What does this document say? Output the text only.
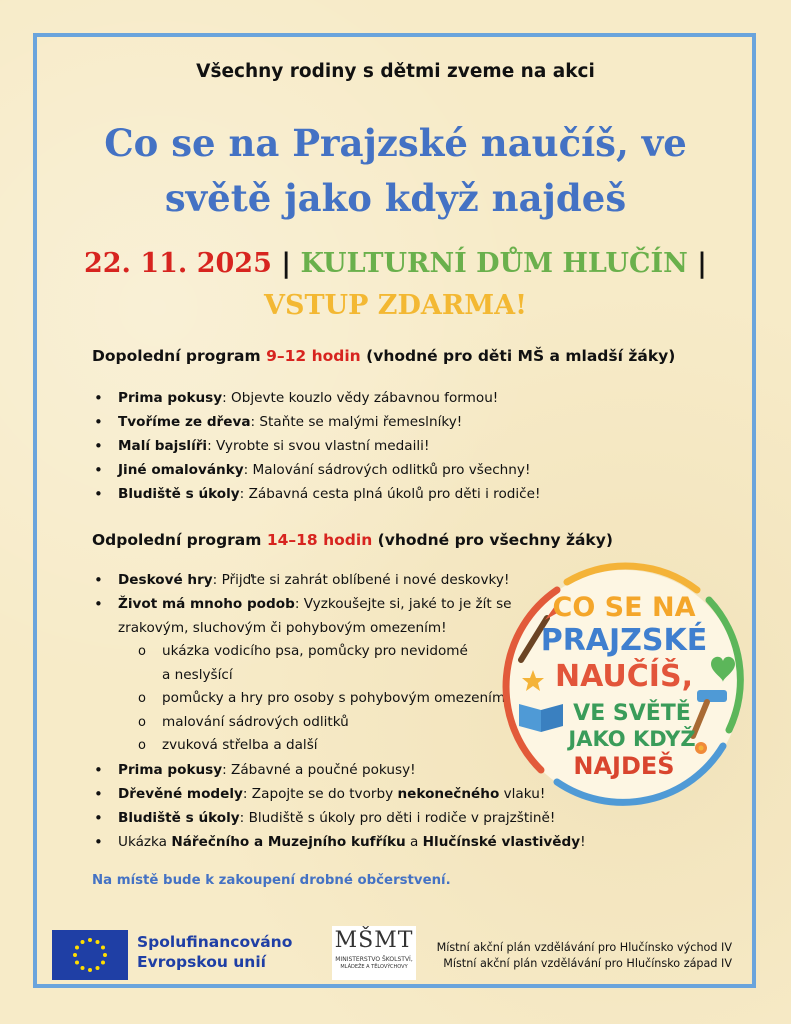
Všechny rodiny s dětmi zveme na akci
Co se na Prajzské naučíš, ve světě jako když najdeš
22. 11. 2025 | KULTURNÍ DŮM HLUČÍN |
VSTUP ZDARMA!
Dopolední program 9–12 hodin (vhodné pro děti MŠ a mladší žáky)
• Prima pokusy: Objevte kouzlo vědy zábavnou formou!
• Tvoříme ze dřeva: Staňte se malými řemeslníky!
• Malí bajslíři: Vyrobte si svou vlastní medaili!
• Jiné omalovánky: Malování sádrových odlitků pro všechny!
• Bludiště s úkoly: Zábavná cesta plná úkolů pro děti i rodiče!
Odpolední program 14–18 hodin (vhodné pro všechny žáky)
• Deskové hry: Přijďte si zahrát oblíbené i nové deskovky!
• Život má mnoho podob: Vyzkoušejte si, jaké to je žít se
zrakovým, sluchovým či pohybovým omezením!
o ukázka vodicího psa, pomůcky pro nevidomé
a neslyšící
o pomůcky a hry pro osoby s pohybovým omezením
o malování sádrových odlitků
o zvuková střelba a další
• Prima pokusy: Zábavné a poučné pokusy!
• Dřevěné modely: Zapojte se do tvorby nekonečného vlaku!
• Bludiště s úkoly: Bludiště s úkoly pro děti i rodiče v prajzštině!
• Ukázka Nářečního a Muzejního kufříku a Hlučínské vlastivědy!
CO SE NA
PRAJZSKÉ
NAUČÍŠ,
VE SVĚTĚ
JAKO KDYŽ
NAJDEŠ
Na místě bude k zakoupení drobné občerstvení.
Spolufinancováno
Evropskou unií
MŠMT
MINISTERSTVO ŠKOLSTVÍ,
MLÁDEŽE A TĚLOVÝCHOVY
Místní akční plán vzdělávání pro Hlučínsko východ IV
Místní akční plán vzdělávání pro Hlučínsko západ IV
